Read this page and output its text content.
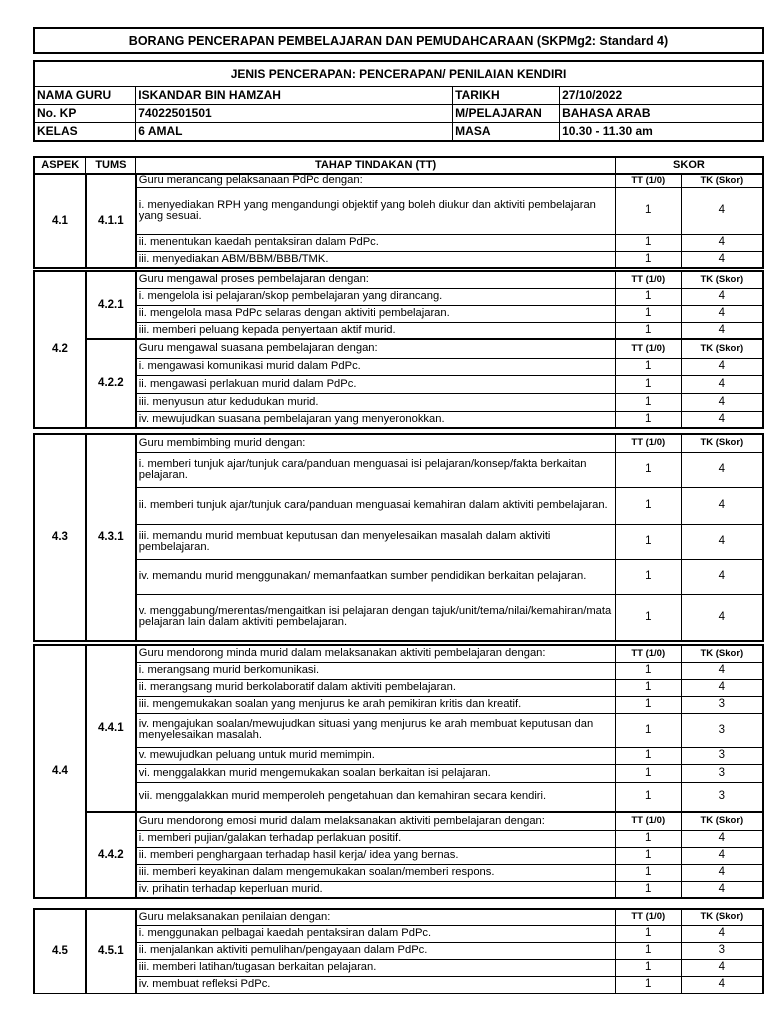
BORANG PENCERAPAN PEMBELAJARAN DAN PEMUDAHCARAAN (SKPMg2: Standard 4)
JENIS PENCERAPAN: PENCERAPAN/ PENILAIAN KENDIRI			
NAMA GURU	ISKANDAR BIN HAMZAH	TARIKH	27/10/2022
No. KP	74022501501	M/PELAJARAN	BAHASA ARAB
KELAS	6 AMAL	MASA	10.30 - 11.30 am
ASPEK	TUMS	TAHAP TINDAKAN (TT)	SKOR
4.1	4.1.1	Guru merancang pelaksanaan PdPc dengan:	TT (1/0)	TK (Skor)
		i. menyediakan RPH yang mengandungi objektif yang boleh diukur dan aktiviti pembelajaran yang sesuai.	1	4
		ii. menentukan kaedah pentaksiran dalam PdPc.	1	4
		iii. menyediakan ABM/BBM/BBB/TMK.	1	4
4.2	4.2.1	Guru mengawal proses pembelajaran dengan:	TT (1/0)	TK (Skor)
		i. mengelola isi pelajaran/skop pembelajaran yang dirancang.	1	4
		ii. mengelola masa PdPc selaras dengan aktiviti pembelajaran.	1	4
		iii. memberi peluang kepada penyertaan aktif murid.	1	4
	4.2.2	Guru mengawal suasana pembelajaran dengan:	TT (1/0)	TK (Skor)
		i. mengawasi komunikasi murid dalam PdPc.	1	4
		ii. mengawasi perlakuan murid dalam PdPc.	1	4
		iii. menyusun atur kedudukan murid.	1	4
		iv. mewujudkan suasana pembelajaran yang menyeronokkan.	1	4
4.3	4.3.1	Guru membimbing murid dengan:	TT (1/0)	TK (Skor)
		i. memberi tunjuk ajar/tunjuk cara/panduan menguasai isi pelajaran/konsep/fakta berkaitan pelajaran.	1	4
		ii. memberi tunjuk ajar/tunjuk cara/panduan menguasai kemahiran dalam aktiviti pembelajaran.	1	4
		iii. memandu murid membuat keputusan dan menyelesaikan masalah dalam aktiviti pembelajaran.	1	4
		iv. memandu murid menggunakan/ memanfaatkan sumber pendidikan berkaitan pelajaran.	1	4
		v. menggabung/merentas/mengaitkan isi pelajaran dengan tajuk/unit/tema/nilai/kemahiran/mata pelajaran lain dalam aktiviti pembelajaran.	1	4
4.4	4.4.1	Guru mendorong minda murid dalam melaksanakan aktiviti pembelajaran dengan:	TT (1/0)	TK (Skor)
		i. merangsang murid berkomunikasi.	1	4
		ii. merangsang murid berkolaboratif dalam aktiviti pembelajaran.	1	4
		iii. mengemukakan soalan yang menjurus ke arah pemikiran kritis dan kreatif.	1	3
		iv. mengajukan soalan/mewujudkan situasi yang menjurus ke arah membuat keputusan dan menyelesaikan masalah.	1	3
		v. mewujudkan peluang untuk murid memimpin.	1	3
		vi. menggalakkan murid mengemukakan soalan berkaitan isi pelajaran.	1	3
		vii. menggalakkan murid memperoleh pengetahuan dan kemahiran secara kendiri.	1	3
	4.4.2	Guru mendorong emosi murid dalam melaksanakan aktiviti pembelajaran dengan:	TT (1/0)	TK (Skor)
		i. memberi pujian/galakan terhadap perlakuan positif.	1	4
		ii. memberi penghargaan terhadap hasil kerja/ idea yang bernas.	1	4
		iii. memberi keyakinan dalam mengemukakan soalan/memberi respons.	1	4
		iv. prihatin terhadap keperluan murid.	1	4
4.5	4.5.1	Guru melaksanakan penilaian dengan:	TT (1/0)	TK (Skor)
		i. menggunakan pelbagai kaedah pentaksiran dalam PdPc.	1	4
		ii. menjalankan aktiviti pemulihan/pengayaan dalam PdPc.	1	3
		iii. memberi latihan/tugasan berkaitan pelajaran.	1	4
		iv. membuat refleksi PdPc.	1	4
